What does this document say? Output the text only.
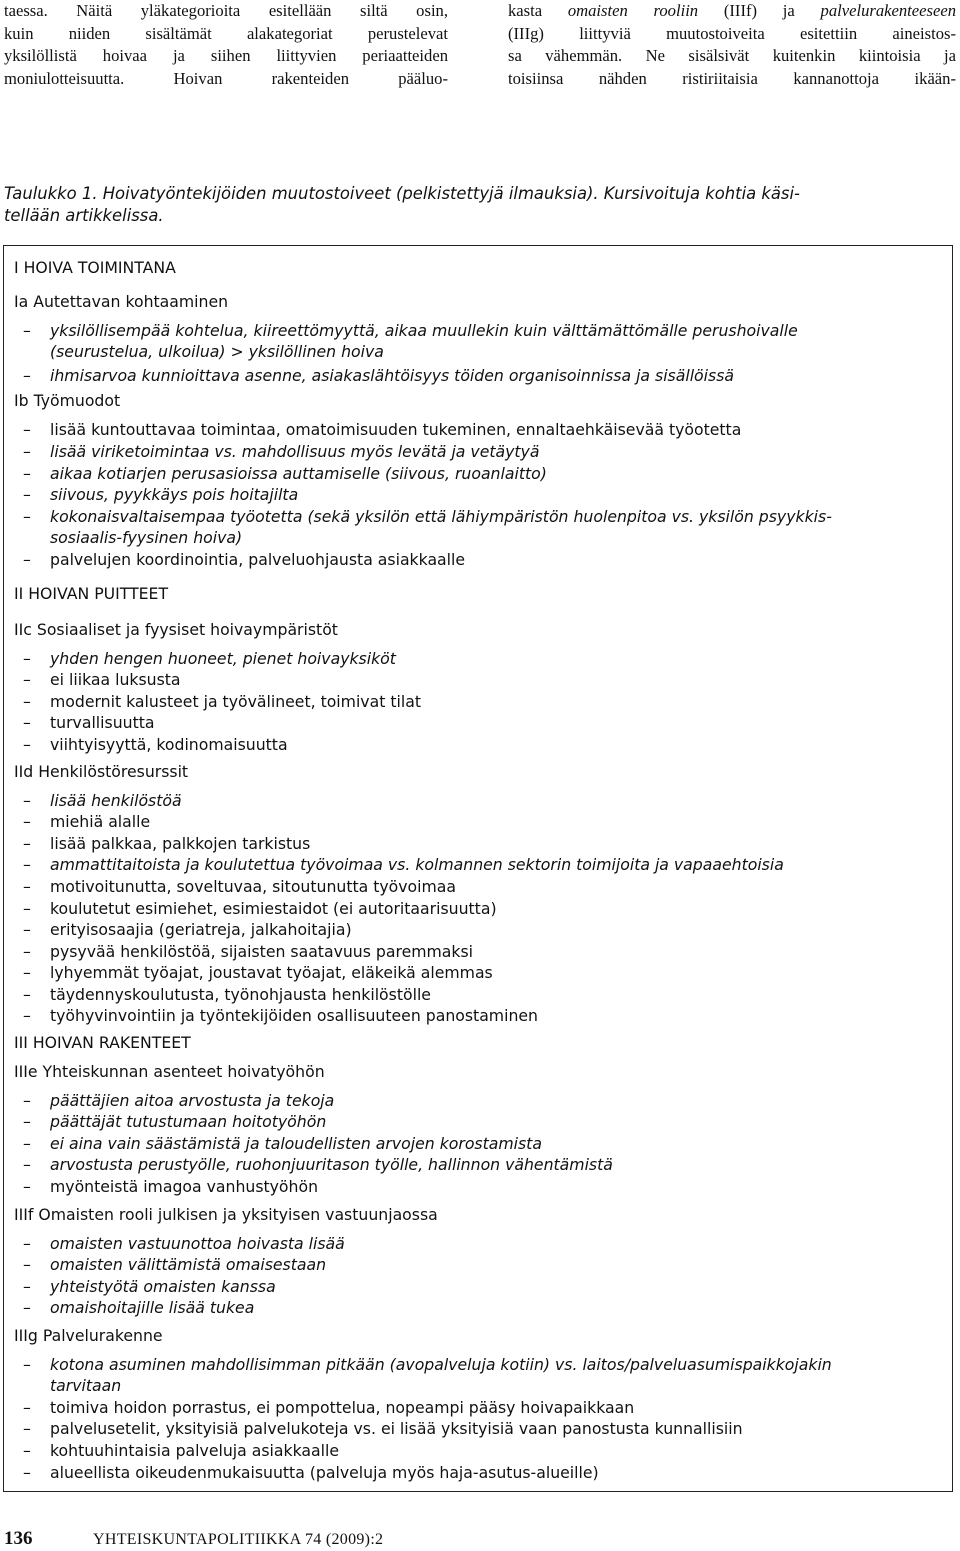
taessa. Näitä yläkategorioita esitellään siltä osin,
kuin niiden sisältämät alakategoriat perustelevat
yksilöllistä hoivaa ja siihen liittyvien periaatteiden
moniulotteisuutta. Hoivan rakenteiden pääluo-
kasta omaisten rooliin (IIIf) ja palvelurakenteeseen
(IIIg) liittyviä muutostoiveita esitettiin aineistos-
sa vähemmän. Ne sisälsivät kuitenkin kiintoisia ja
toisiinsa nähden ristiriitaisia kannanottoja ikään-
Taulukko 1. Hoivatyöntekijöiden muutostoiveet (pelkistettyjä ilmauksia). Kursivoituja kohtia käsi-
tellään artikkelissa.
I HOIVA TOIMINTANA
Ia Autettavan kohtaaminen
– yksilöllisempää kohtelua, kiireettömyyttä, aikaa muullekin kuin välttämättömälle perushoivalle
(seurustelua, ulkoilua) > yksilöllinen hoiva
– ihmisarvoa kunnioittava asenne, asiakaslähtöisyys töiden organisoinnissa ja sisällöissä
Ib Työmuodot
– lisää kuntouttavaa toimintaa, omatoimisuuden tukeminen, ennaltaehkäisevää työotetta
– lisää viriketoimintaa vs. mahdollisuus myös levätä ja vetäytyä
– aikaa kotiarjen perusasioissa auttamiselle (siivous, ruoanlaitto)
– siivous, pyykkäys pois hoitajilta
– kokonaisvaltaisempaa työotetta (sekä yksilön että lähiympäristön huolenpitoa vs. yksilön psyykkis-
sosiaalis-fyysinen hoiva)
– palvelujen koordinointia, palveluohjausta asiakkaalle
II HOIVAN PUITTEET
IIc Sosiaaliset ja fyysiset hoivaympäristöt
– yhden hengen huoneet, pienet hoivayksiköt
– ei liikaa luksusta
– modernit kalusteet ja työvälineet, toimivat tilat
– turvallisuutta
– viihtyisyyttä, kodinomaisuutta
IId Henkilöstöresurssit
– lisää henkilöstöä
– miehiä alalle
– lisää palkkaa, palkkojen tarkistus
– ammattitaitoista ja koulutettua työvoimaa vs. kolmannen sektorin toimijoita ja vapaaehtoisia
– motivoitunutta, soveltuvaa, sitoutunutta työvoimaa
– koulutetut esimiehet, esimiestaidot (ei autoritaarisuutta)
– erityisosaajia (geriatreja, jalkahoitajia)
– pysyvää henkilöstöä, sijaisten saatavuus paremmaksi
– lyhyemmät työajat, joustavat työajat, eläkeikä alemmas
– täydennyskoulutusta, työnohjausta henkilöstölle
– työhyvinvointiin ja työntekijöiden osallisuuteen panostaminen
III HOIVAN RAKENTEET
IIIe Yhteiskunnan asenteet hoivatyöhön
– päättäjien aitoa arvostusta ja tekoja
– päättäjät tutustumaan hoitotyöhön
– ei aina vain säästämistä ja taloudellisten arvojen korostamista
– arvostusta perustyölle, ruohonjuuritason työlle, hallinnon vähentämistä
– myönteistä imagoa vanhustyöhön
IIIf Omaisten rooli julkisen ja yksityisen vastuunjaossa
– omaisten vastuunottoa hoivasta lisää
– omaisten välittämistä omaisestaan
– yhteistyötä omaisten kanssa
– omaishoitajille lisää tukea
IIIg Palvelurakenne
– kotona asuminen mahdollisimman pitkään (avopalveluja kotiin) vs. laitos/palveluasumispaikkojakin
tarvitaan
– toimiva hoidon porrastus, ei pompottelua, nopeampi pääsy hoivapaikkaan
– palvelusetelit, yksityisiä palvelukoteja vs. ei lisää yksityisiä vaan panostusta kunnallisiin
– kohtuuhintaisia palveluja asiakkaalle
– alueellista oikeudenmukaisuutta (palveluja myös haja-asutus-alueille)
136	YHTEISKUNTAPOLITIIKKA 74 (2009):2
